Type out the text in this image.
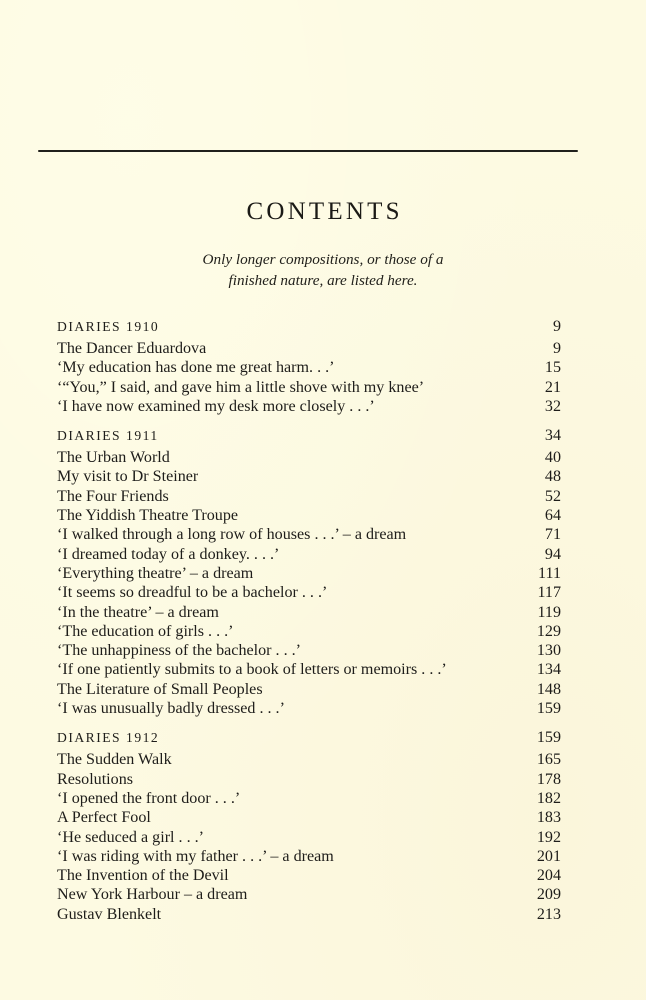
CONTENTS
Only longer compositions, or those of a
finished nature, are listed here.
DIARIES 1910	9
The Dancer Eduardova	9
‘My education has done me great harm. . .’	15
‘“You,” I said, and gave him a little shove with my knee’	21
‘I have now examined my desk more closely . . .’	32
DIARIES 1911	34
The Urban World	40
My visit to Dr Steiner	48
The Four Friends	52
The Yiddish Theatre Troupe	64
‘I walked through a long row of houses . . .’ – a dream	71
‘I dreamed today of a donkey. . . .’	94
‘Everything theatre’ – a dream	111
‘It seems so dreadful to be a bachelor . . .’	117
‘In the theatre’ – a dream	119
‘The education of girls . . .’	129
‘The unhappiness of the bachelor . . .’	130
‘If one patiently submits to a book of letters or memoirs . . .’	134
The Literature of Small Peoples	148
‘I was unusually badly dressed . . .’	159
DIARIES 1912	159
The Sudden Walk	165
Resolutions	178
‘I opened the front door . . .’	182
A Perfect Fool	183
‘He seduced a girl . . .’	192
‘I was riding with my father . . .’ – a dream	201
The Invention of the Devil	204
New York Harbour – a dream	209
Gustav Blenkelt	213
